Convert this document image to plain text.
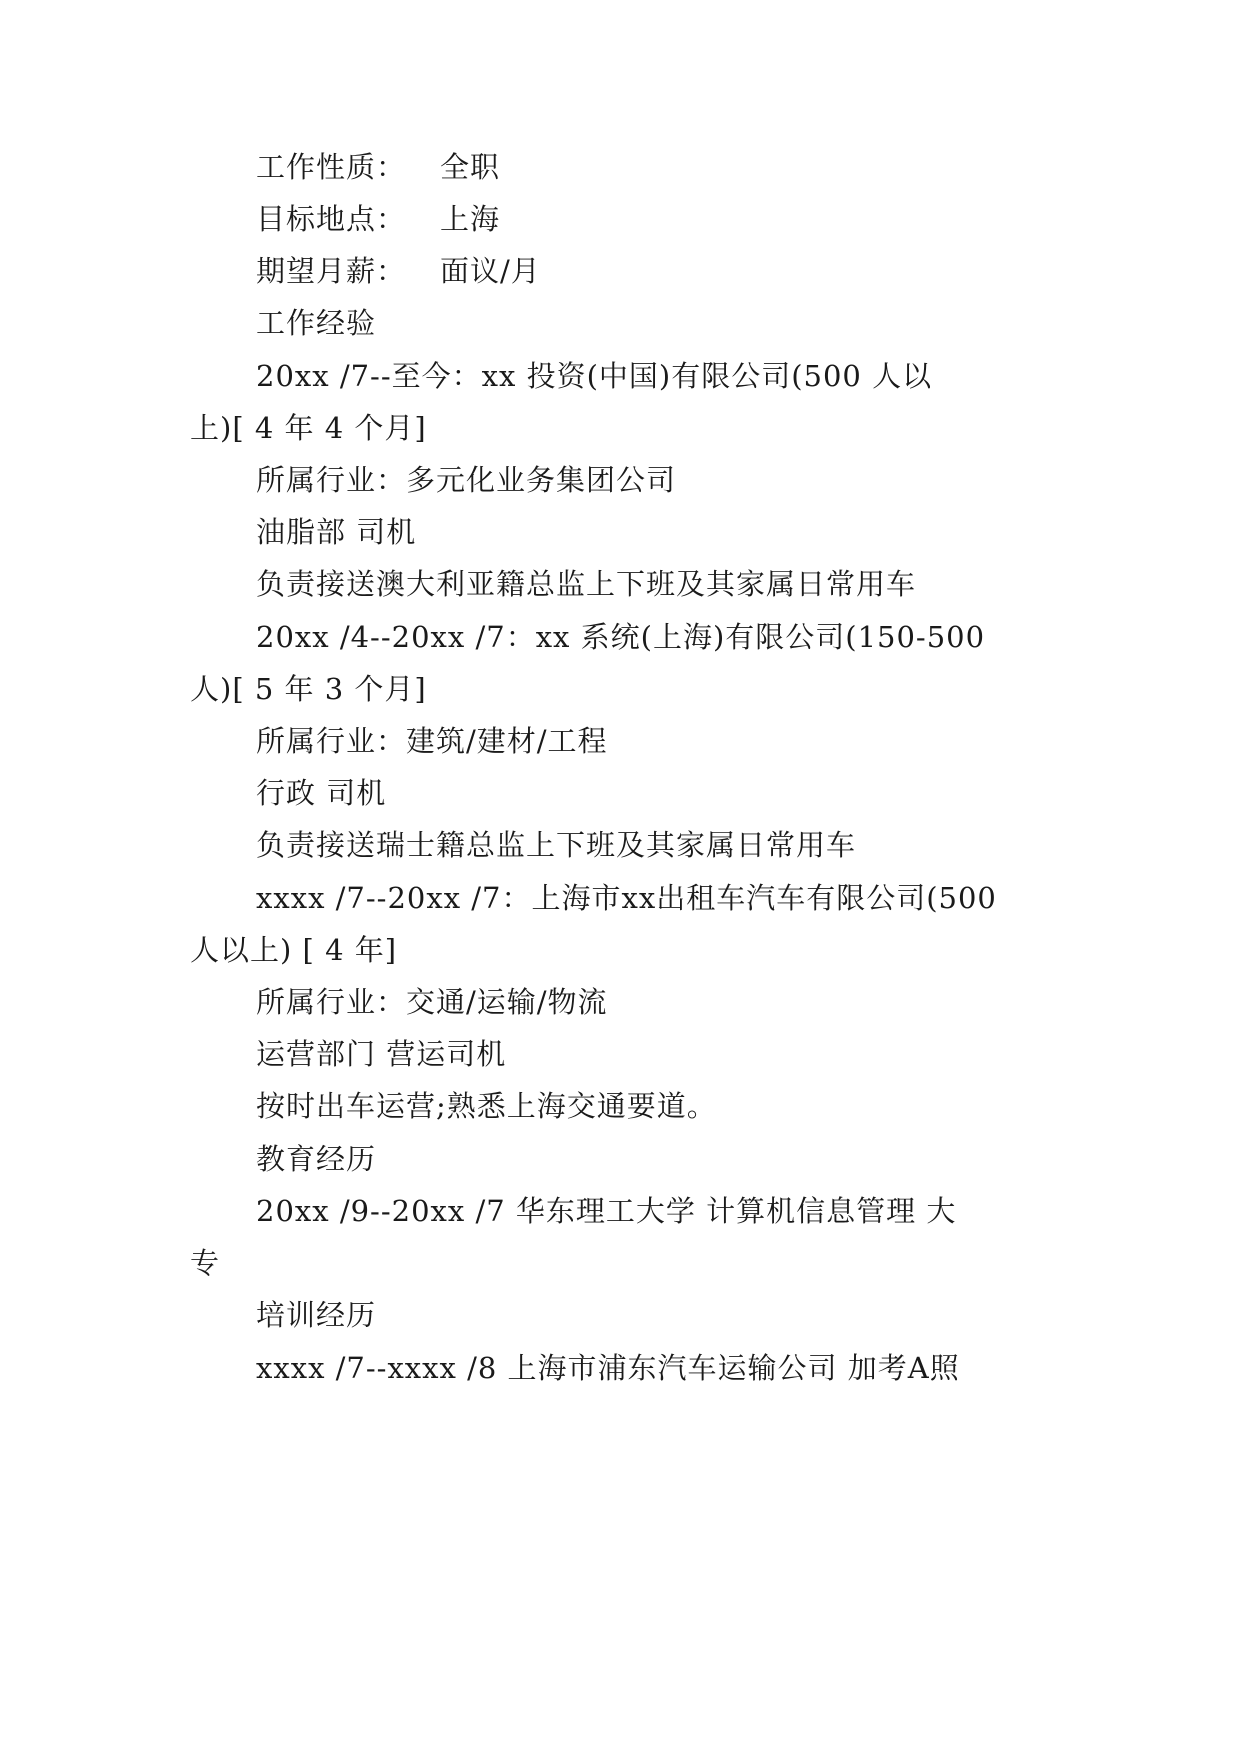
工作性质： 全职
目标地点： 上海
期望月薪： 面议/月
工作经验
20xx /7--至今：xx 投资(中国)有限公司(500 人以
上)[ 4 年 4 个月]
所属行业：多元化业务集团公司
油脂部 司机
负责接送澳大利亚籍总监上下班及其家属日常用车
20xx /4--20xx /7：xx 系统(上海)有限公司(150-500
人)[ 5 年 3 个月]
所属行业：建筑/建材/工程
行政 司机
负责接送瑞士籍总监上下班及其家属日常用车
xxxx /7--20xx /7：上海市xx出租车汽车有限公司(500
人以上) [ 4 年]
所属行业：交通/运输/物流
运营部门 营运司机
按时出车运营;熟悉上海交通要道。
教育经历
20xx /9--20xx /7 华东理工大学 计算机信息管理 大
专
培训经历
xxxx /7--xxxx /8 上海市浦东汽车运输公司 加考A照
